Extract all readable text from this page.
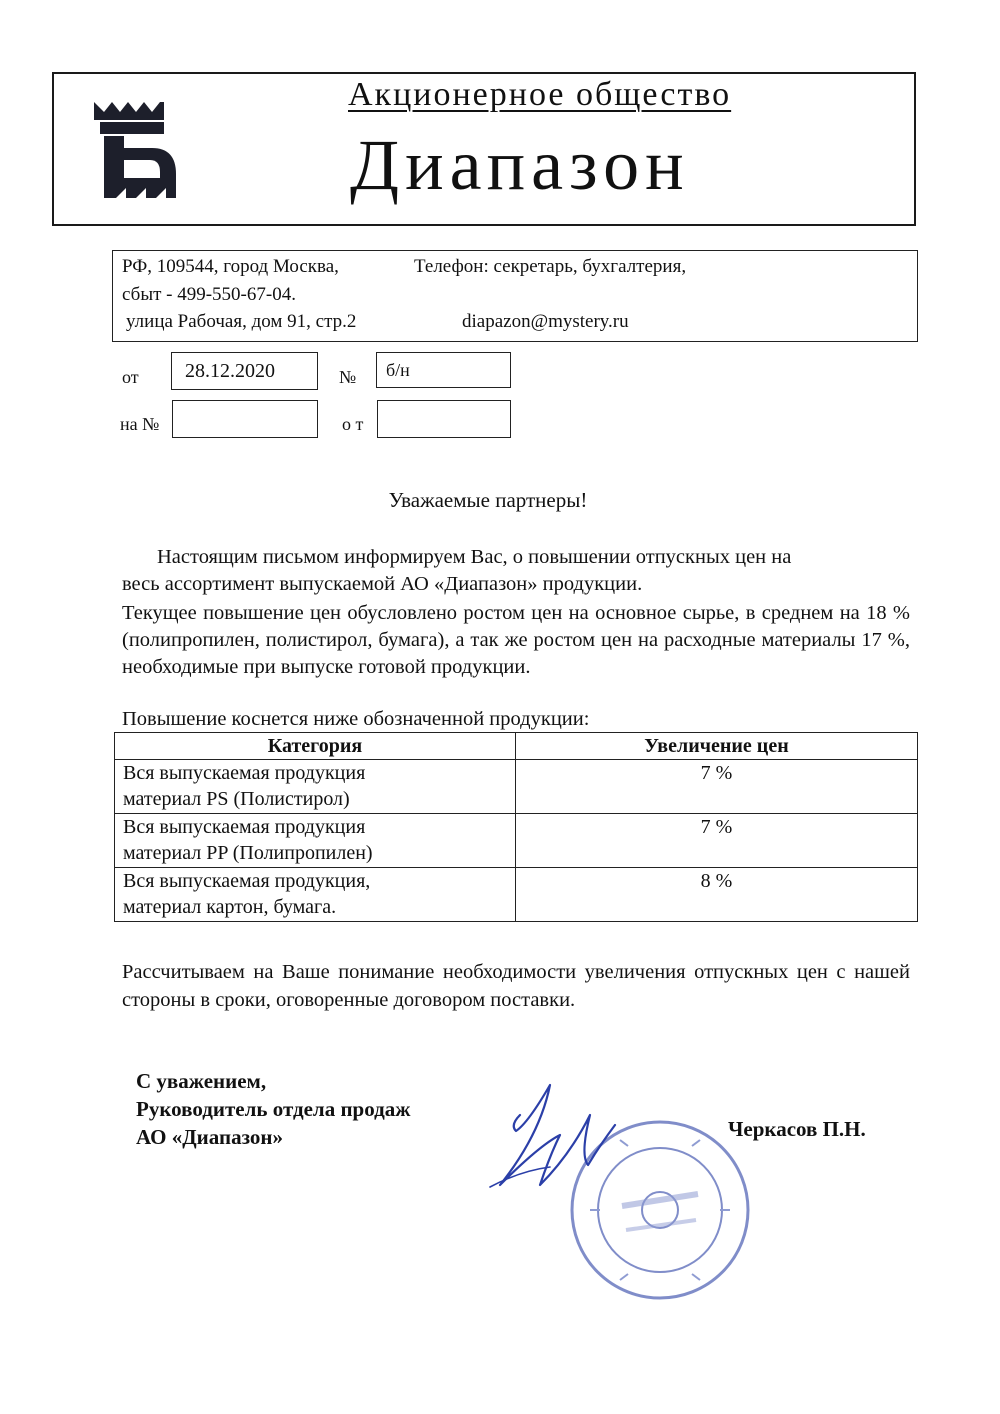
Акционерное общество
Диапазон
РФ, 109544, город Москва,	Телефон: секретарь, бухгалтерия,
сбыт - 499-550-67-04.
улица Рабочая, дом 91, стр.2	diapazon@mystery.ru
от 28.12.2020	№ б/н
на №	о т
Уважаемые партнеры!
Настоящим письмом информируем Вас, о повышении отпускных цен на
весь ассортимент выпускаемой АО «Диапазон» продукции.
Текущее повышение цен обусловлено ростом цен на основное сырье, в среднем на 18 % (полипропилен, полистирол, бумага), а так же ростом цен на расходные материалы 17 %, необходимые при выпуске готовой продукции.
Повышение коснется ниже обозначенной продукции:
Категория	Увеличение цен

Вся выпускаемая продукция
материал PS (Полистирол)	7 %

Вся выпускаемая продукция
материал PP (Полипропилен)	7 %

Вся выпускаемая продукция,
материал картон, бумага.	8 %
Рассчитываем на Ваше понимание необходимости увеличения отпускных цен с нашей стороны в сроки, оговоренные договором поставки.
С уважением,
Руководитель отдела продаж
АО «Диапазон»	Черкасов П.Н.
